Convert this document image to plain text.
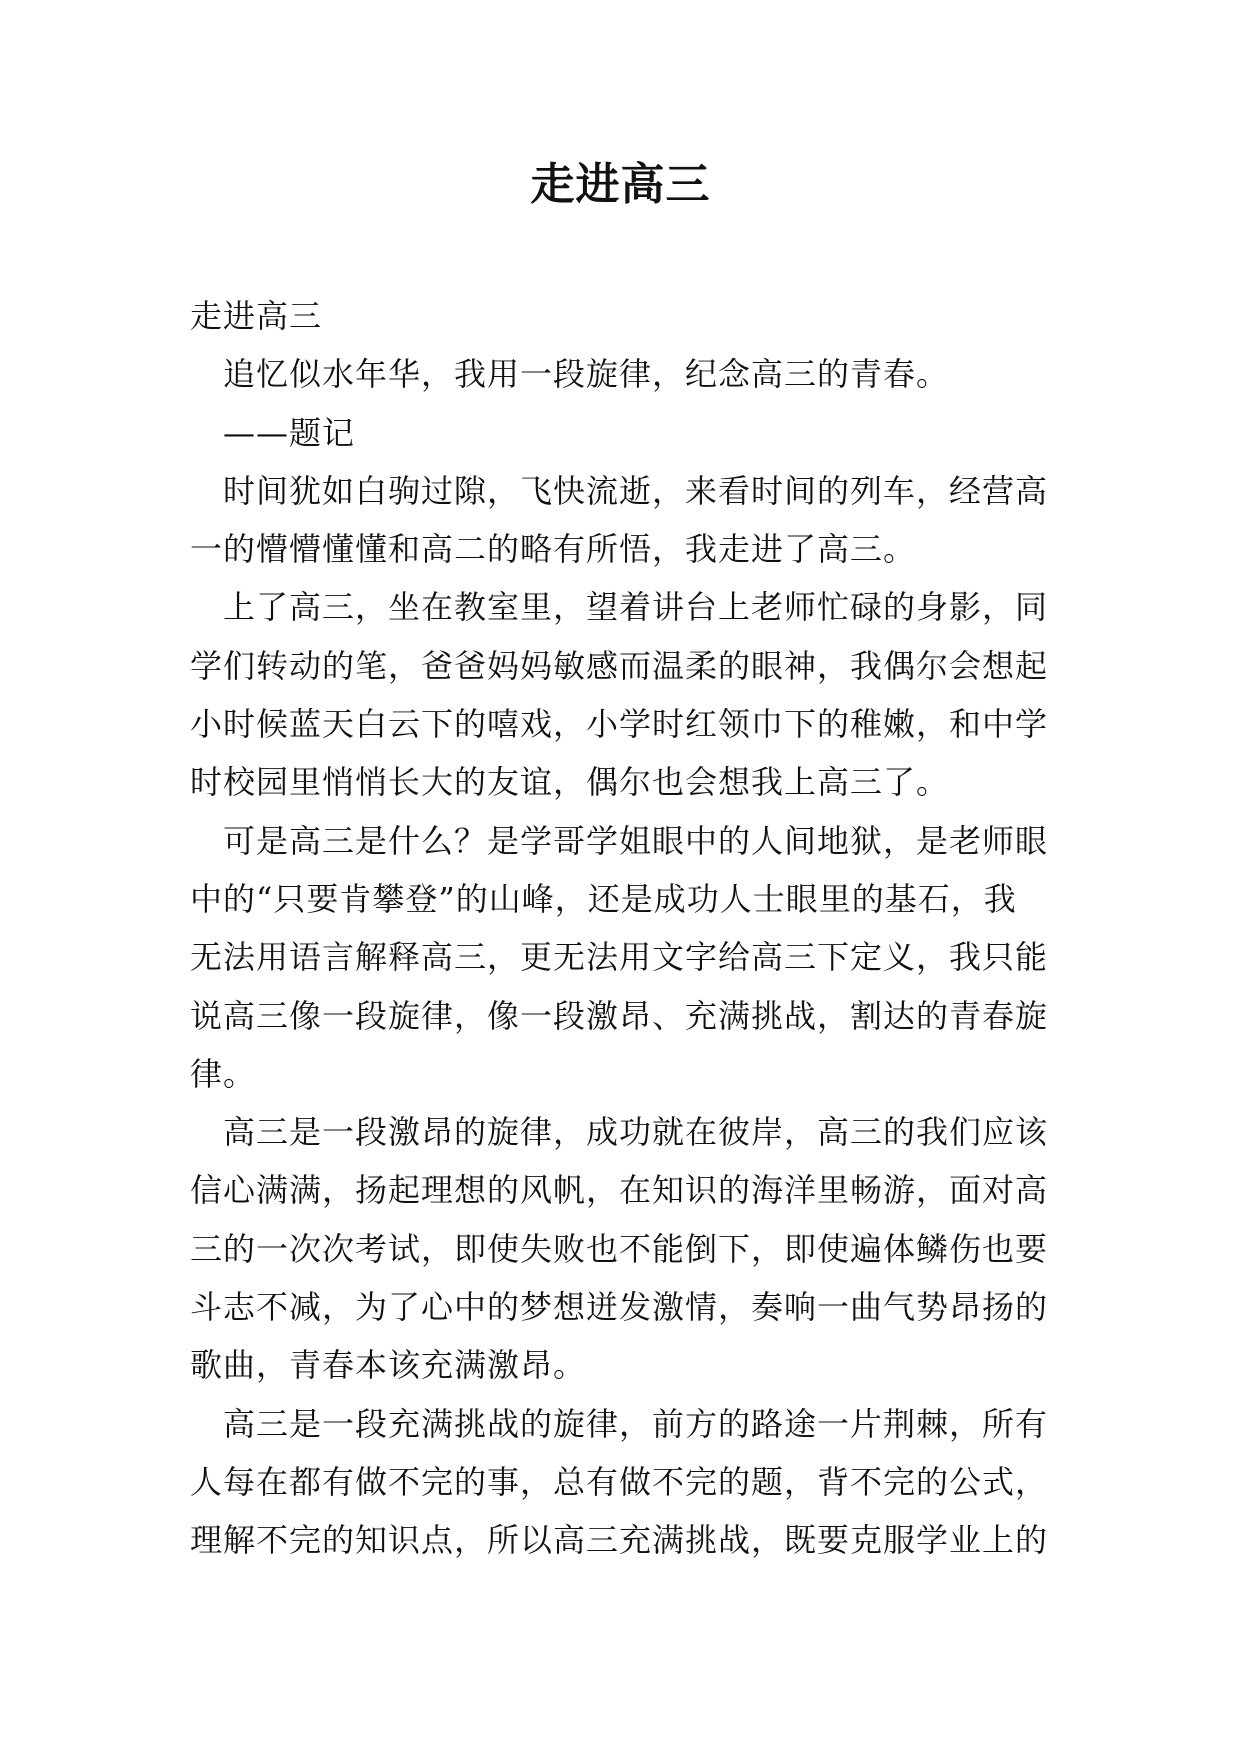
走进高三
走进高三
追忆似水年华，我用一段旋律，纪念高三的青春。
——题记
时间犹如白驹过隙，飞快流逝，来看时间的列车，经营高
一的懵懵懂懂和高二的略有所悟，我走进了高三。
上了高三，坐在教室里，望着讲台上老师忙碌的身影，同
学们转动的笔，爸爸妈妈敏感而温柔的眼神，我偶尔会想起
小时候蓝天白云下的嘻戏，小学时红领巾下的稚嫩，和中学
时校园里悄悄长大的友谊，偶尔也会想我上高三了。
可是高三是什么？是学哥学姐眼中的人间地狱，是老师眼
中的“只要肯攀登”的山峰，还是成功人士眼里的基石，我
无法用语言解释高三，更无法用文字给高三下定义，我只能
说高三像一段旋律，像一段激昂、充满挑战，割达的青春旋
律。
高三是一段激昂的旋律，成功就在彼岸，高三的我们应该
信心满满，扬起理想的风帆，在知识的海洋里畅游，面对高
三的一次次考试，即使失败也不能倒下，即使遍体鳞伤也要
斗志不减，为了心中的梦想迸发激情，奏响一曲气势昂扬的
歌曲，青春本该充满激昂。
高三是一段充满挑战的旋律，前方的路途一片荆棘，所有
人每在都有做不完的事，总有做不完的题，背不完的公式，
理解不完的知识点，所以高三充满挑战，既要克服学业上的
